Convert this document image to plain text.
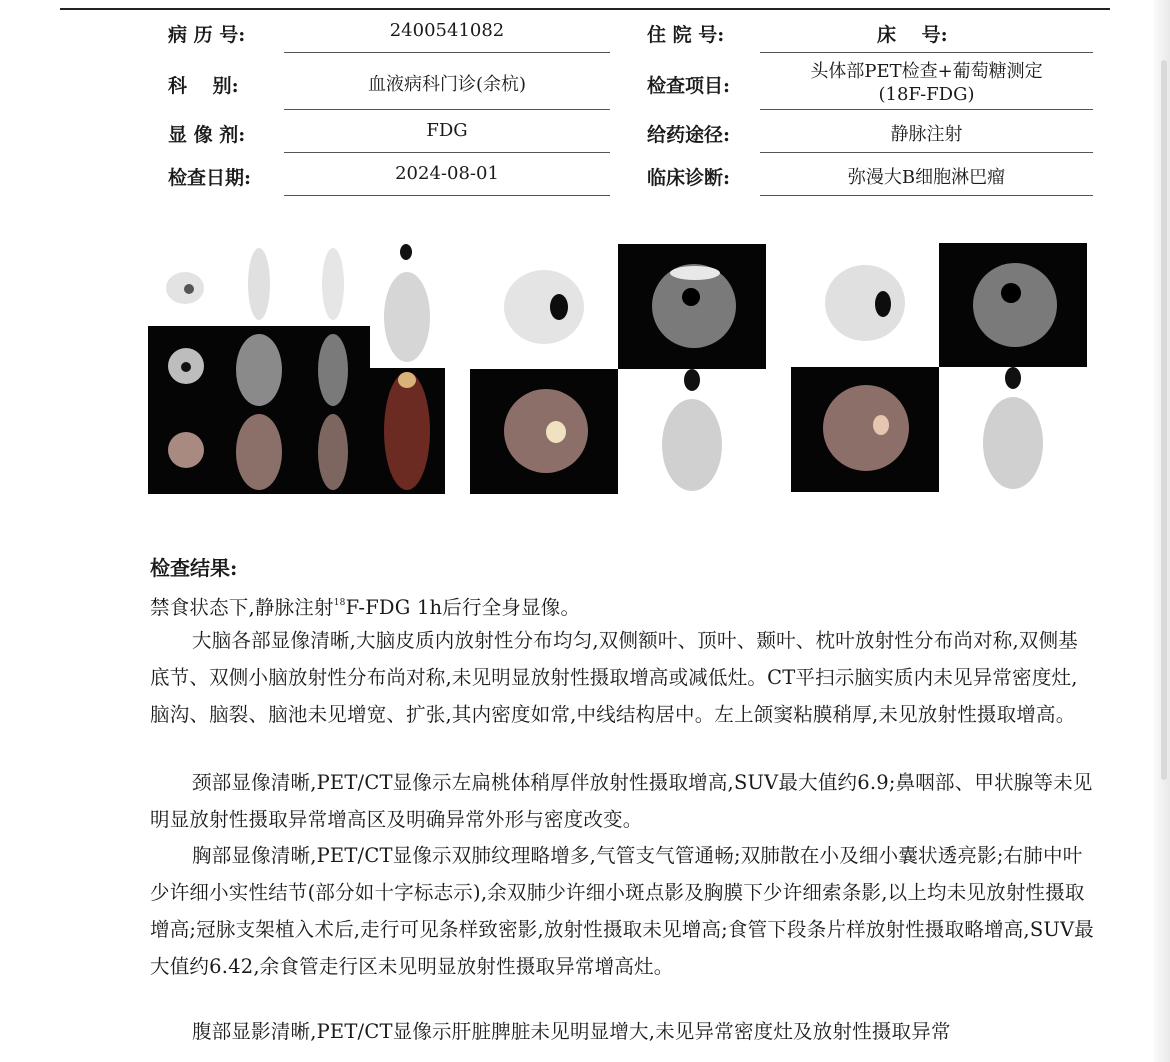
病 历 号:	2400541082	住 院 号:	床　 号:
科　 别:	血液病科门诊(余杭)	检查项目:
头体部PET检查+葡萄糖测定
(18F-FDG)
显 像 剂:	FDG	给药途径:	静脉注射
检查日期:	2024-08-01	临床诊断:	弥漫大B细胞淋巴瘤
检查结果:
禁食状态下,静脉注射$^{18}$F-FDG 1h后行全身显像。
大脑各部显像清晰,大脑皮质内放射性分布均匀,双侧额叶、顶叶、颞叶、枕叶放射性分布尚对称,双侧基底节、双侧小脑放射性分布尚对称,未见明显放射性摄取增高或减低灶。CT平扫示脑实质内未见异常密度灶,脑沟、脑裂、脑池未见增宽、扩张,其内密度如常,中线结构居中。左上颌窦粘膜稍厚,未见放射性摄取增高。
颈部显像清晰,PET/CT显像示左扁桃体稍厚伴放射性摄取增高,SUV最大值约6.9;鼻咽部、甲状腺等未见明显放射性摄取异常增高区及明确异常外形与密度改变。
胸部显像清晰,PET/CT显像示双肺纹理略增多,气管支气管通畅;双肺散在小及细小囊状透亮影;右肺中叶少许细小实性结节(部分如十字标志示),余双肺少许细小斑点影及胸膜下少许细索条影,以上均未见放射性摄取增高;冠脉支架植入术后,走行可见条样致密影,放射性摄取未见增高;食管下段条片样放射性摄取略增高,SUV最大值约6.42,余食管走行区未见明显放射性摄取异常增高灶。
腹部显影清晰,PET/CT显像示肝脏脾脏未见明显增大,未见异常密度灶及放射性摄取异常
